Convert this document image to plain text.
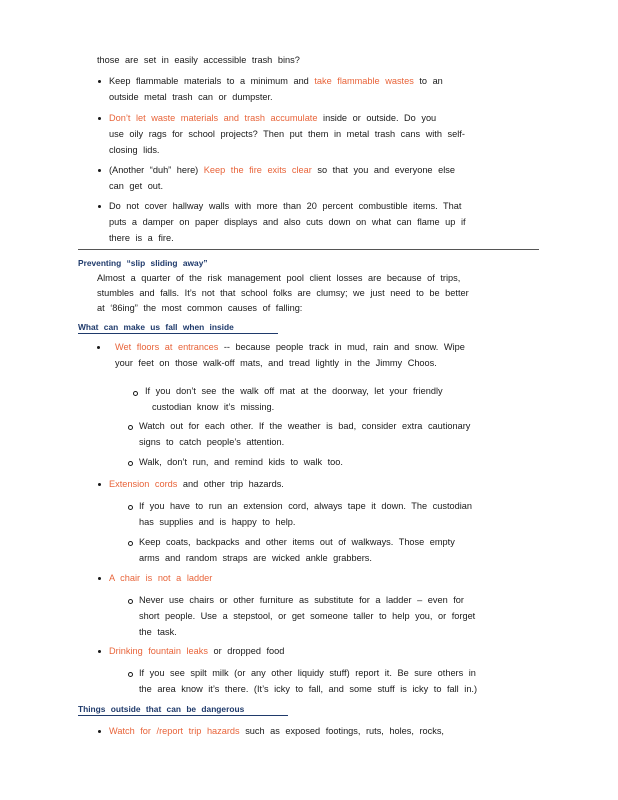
those are set in easily accessible trash bins?
Keep flammable materials to a minimum and take flammable wastes to an
outside metal trash can or dumpster.
Don’t let waste materials and trash accumulate inside or outside. Do you
use oily rags for school projects? Then put them in metal trash cans with self-
closing lids.
(Another “duh” here) Keep the fire exits clear so that you and everyone else
can get out.
Do not cover hallway walls with more than 20 percent combustible items. That
puts a damper on paper displays and also cuts down on what can flame up if
there is a fire.
Preventing “slip sliding away”
Almost a quarter of the risk management pool client losses are because of trips,
stumbles and falls. It’s not that school folks are clumsy; we just need to be better
at ‘86ing” the most common causes of falling:
What can make us fall when inside
Wet floors at entrances -- because people track in mud, rain and snow. Wipe
your feet on those walk-off mats, and tread lightly in the Jimmy Choos.
If you don’t see the walk off mat at the doorway, let your friendly
custodian know it’s missing.
Watch out for each other. If the weather is bad, consider extra cautionary
signs to catch people’s attention.
Walk, don’t run, and remind kids to walk too.
Extension cords and other trip hazards.
If you have to run an extension cord, always tape it down. The custodian
has supplies and is happy to help.
Keep coats, backpacks and other items out of walkways. Those empty
arms and random straps are wicked ankle grabbers.
A chair is not a ladder
Never use chairs or other furniture as substitute for a ladder – even for
short people. Use a stepstool, or get someone taller to help you, or forget
the task.
Drinking fountain leaks or dropped food
If you see spilt milk (or any other liquidy stuff) report it. Be sure others in
the area know it’s there. (It’s icky to fall, and some stuff is icky to fall in.)
Things outside that can be dangerous
Watch for /report trip hazards such as exposed footings, ruts, holes, rocks,
